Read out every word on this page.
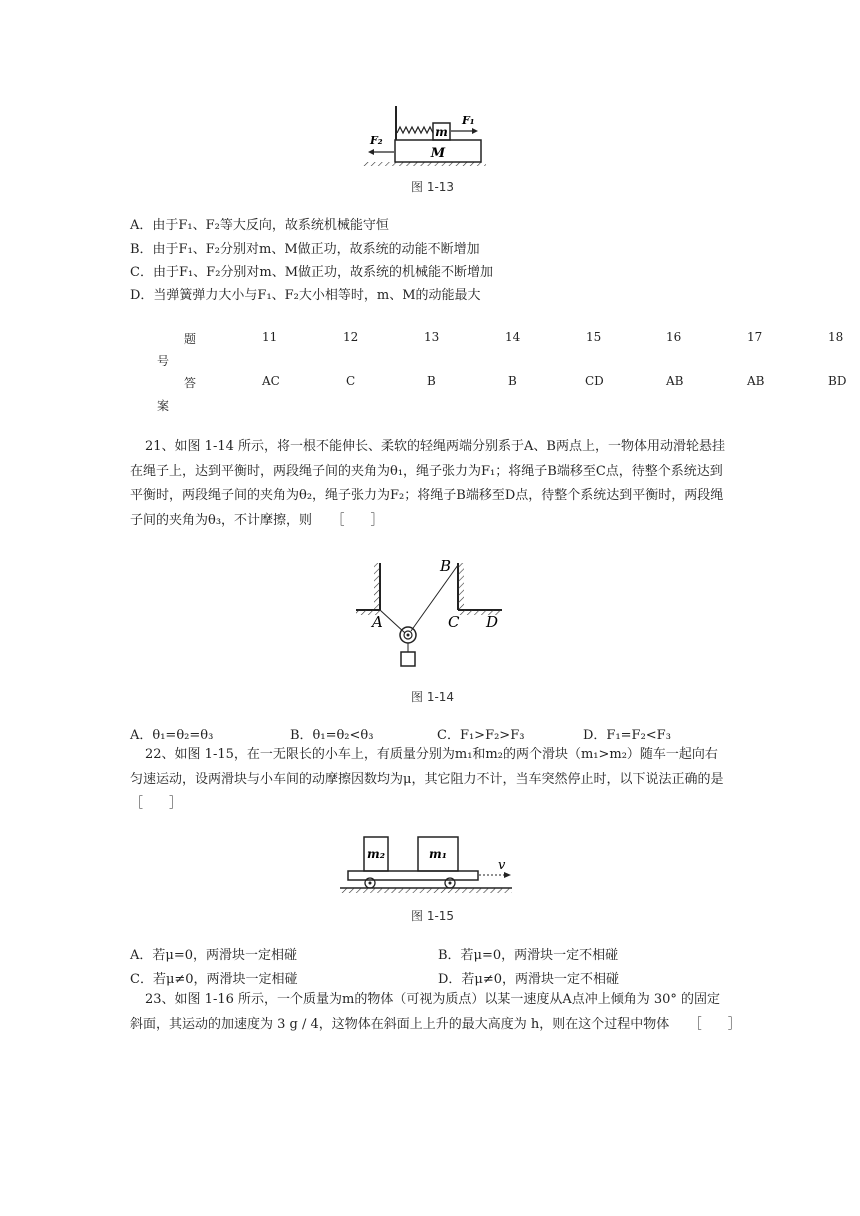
m
M
F₁
F₂
图 1-13
A．由于F₁、F₂等大反向，故系统机械能守恒
B．由于F₁、F₂分别对m、M做正功，故系统的动能不断增加
C．由于F₁、F₂分别对m、M做正功，故系统的机械能不断增加
D．当弹簧弹力大小与F₁、F₂大小相等时，m、M的动能最大
题
号
11	12	13	14	15	16	17	18
答
案
AC	C	B	B	CD	AB	AB	BD
21、如图 1-14 所示，将一根不能伸长、柔软的轻绳两端分别系于A、B两点上，一物体用动滑轮悬挂
在绳子上，达到平衡时，两段绳子间的夹角为θ₁，绳子张力为F₁；将绳子B端移至C点，待整个系统达到
平衡时，两段绳子间的夹角为θ₂，绳子张力为F₂；将绳子B端移至D点，待整个系统达到平衡时，两段绳
子间的夹角为θ₃，不计摩擦，则　　［　　］
A
B
C D
图 1-14
A．θ₁=θ₂=θ₃	B．θ₁=θ₂<θ₃	C．F₁>F₂>F₃	D．F₁=F₂<F₃
22、如图 1-15，在一无限长的小车上，有质量分别为m₁和m₂的两个滑块（m₁>m₂）随车一起向右
匀速运动，设两滑块与小车间的动摩擦因数均为μ，其它阻力不计，当车突然停止时，以下说法正确的是
［　　］
m₂	m₁
v
图 1-15
A．若μ=0，两滑块一定相碰	B．若μ=0，两滑块一定不相碰
C．若μ≠0，两滑块一定相碰	D．若μ≠0，两滑块一定不相碰
23、如图 1-16 所示，一个质量为m的物体（可视为质点）以某一速度从A点冲上倾角为 30° 的固定
斜面，其运动的加速度为 3 g / 4，这物体在斜面上上升的最大高度为 h，则在这个过程中物体　　［　　］
